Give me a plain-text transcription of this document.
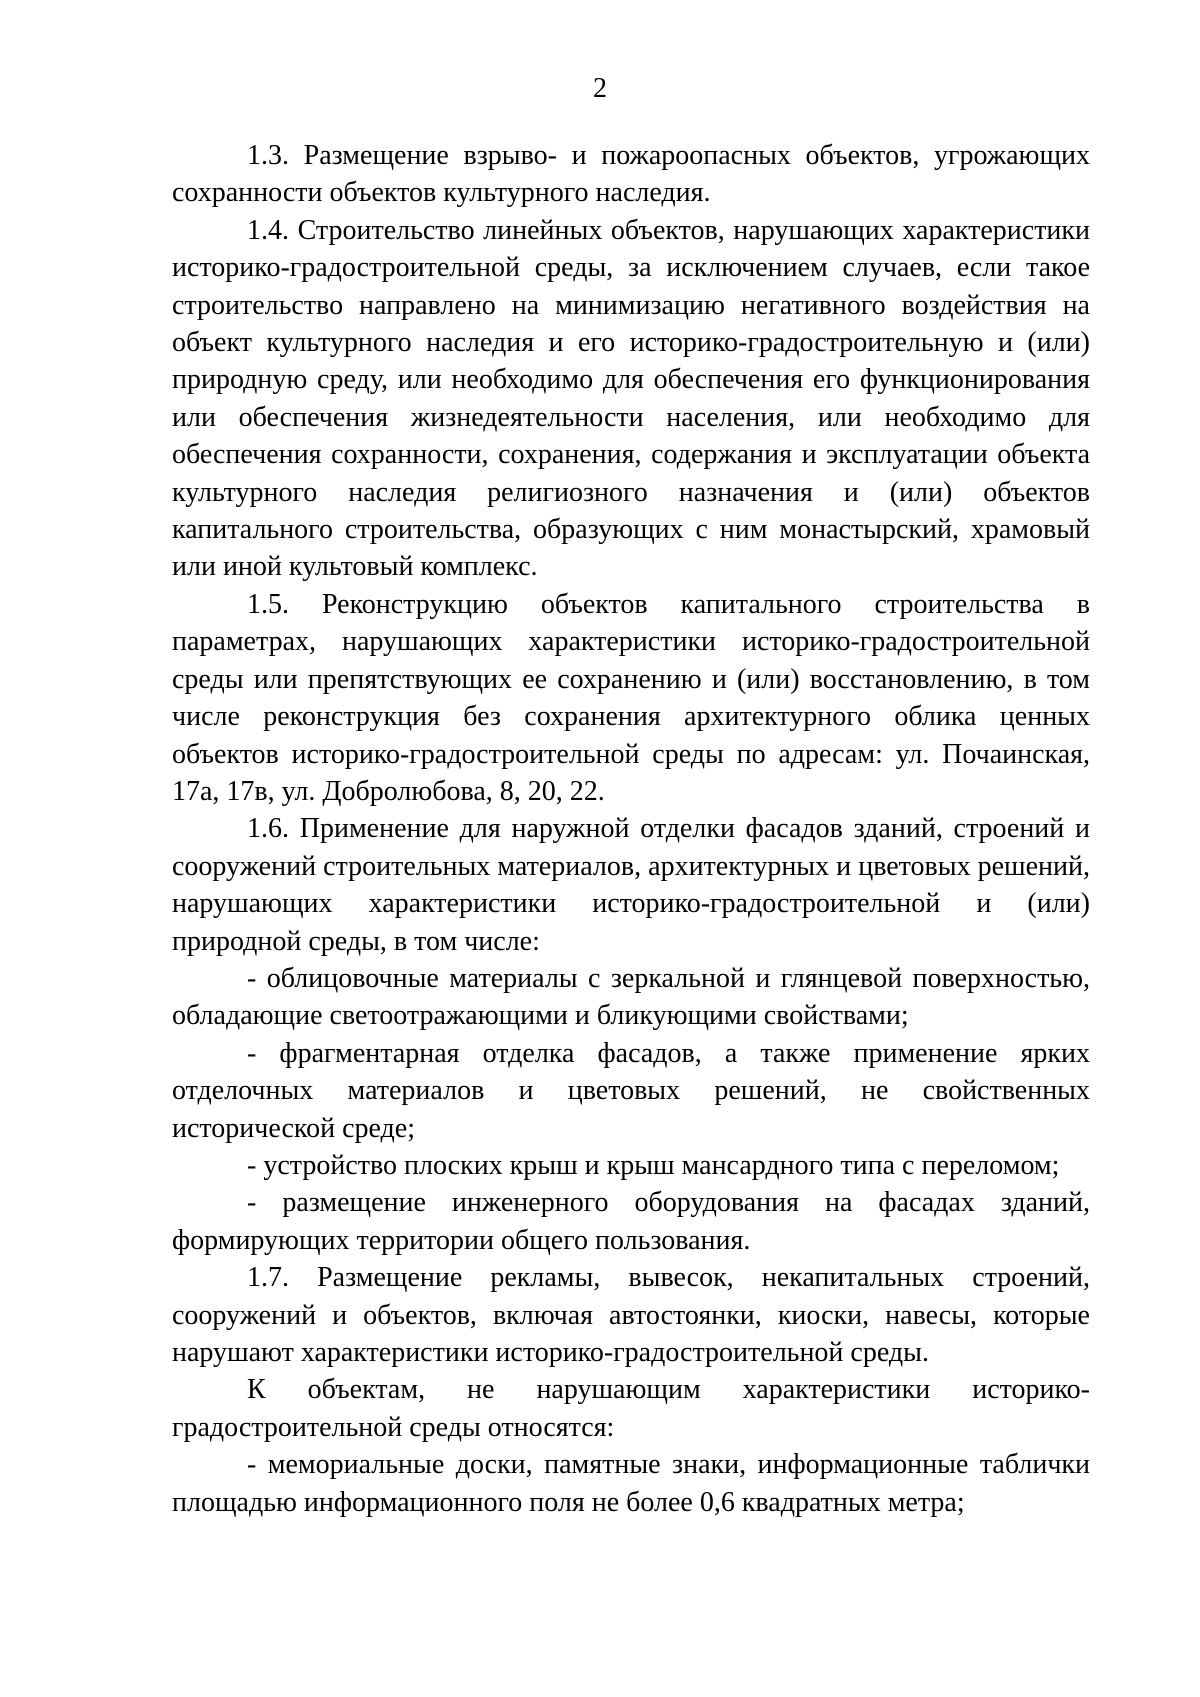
2

1.3. Размещение взрыво- и пожароопасных объектов, угрожающих сохранности объектов культурного наследия.

1.4. Строительство линейных объектов, нарушающих характеристики историко-градостроительной среды, за исключением случаев, если такое строительство направлено на минимизацию негативного воздействия на объект культурного наследия и его историко-градостроительную и (или) природную среду, или необходимо для обеспечения его функционирования или обеспечения жизнедеятельности населения, или необходимо для обеспечения сохранности, сохранения, содержания и эксплуатации объекта культурного наследия религиозного назначения и (или) объектов капитального строительства, образующих с ним монастырский, храмовый или иной культовый комплекс.

1.5. Реконструкцию объектов капитального строительства в параметрах, нарушающих характеристики историко-градостроительной среды или препятствующих ее сохранению и (или) восстановлению, в том числе реконструкция без сохранения архитектурного облика ценных объектов историко-градостроительной среды по адресам: ул. Почаинская, 17а, 17в, ул. Добролюбова, 8, 20, 22.

1.6. Применение для наружной отделки фасадов зданий, строений и сооружений строительных материалов, архитектурных и цветовых решений, нарушающих характеристики историко-градостроительной и (или) природной среды, в том числе:

- облицовочные материалы с зеркальной и глянцевой поверхностью, обладающие светоотражающими и бликующими свойствами;

- фрагментарная отделка фасадов, а также применение ярких отделочных материалов и цветовых решений, не свойственных исторической среде;

- устройство плоских крыш и крыш мансардного типа с переломом;

- размещение инженерного оборудования на фасадах зданий, формирующих территории общего пользования.

1.7. Размещение рекламы, вывесок, некапитальных строений, сооружений и объектов, включая автостоянки, киоски, навесы, которые нарушают характеристики историко-градостроительной среды.

К объектам, не нарушающим характеристики историко-градостроительной среды относятся:

- мемориальные доски, памятные знаки, информационные таблички площадью информационного поля не более 0,6 квадратных метра;
